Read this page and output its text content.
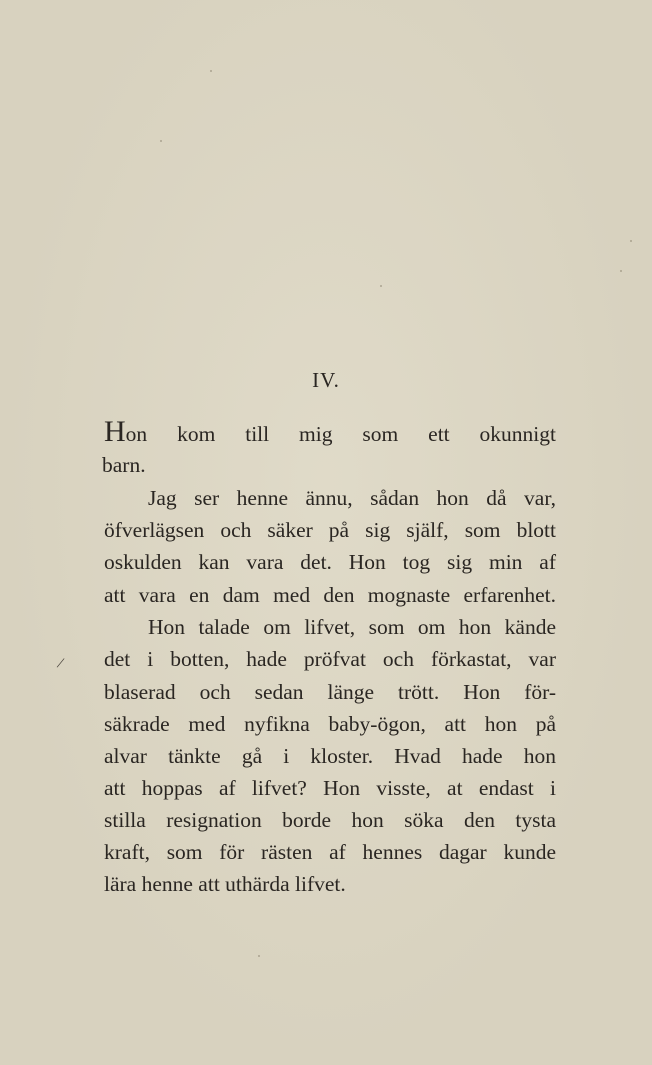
IV.
Hon kom till mig som ett okunnigt
barn.
Jag ser henne ännu, sådan hon då var,
öfverlägsen och säker på sig själf, som blott
oskulden kan vara det. Hon tog sig min af
att vara en dam med den mognaste erfarenhet.
Hon talade om lifvet, som om hon kände
det i botten, hade pröfvat och förkastat, var
blaserad och sedan länge trött. Hon för-
säkrade med nyfikna baby-ögon, att hon på
alvar tänkte gå i kloster. Hvad hade hon
att hoppas af lifvet? Hon visste, at endast i
stilla resignation borde hon söka den tysta
kraft, som för rästen af hennes dagar kunde
lära henne att uthärda lifvet.
/
